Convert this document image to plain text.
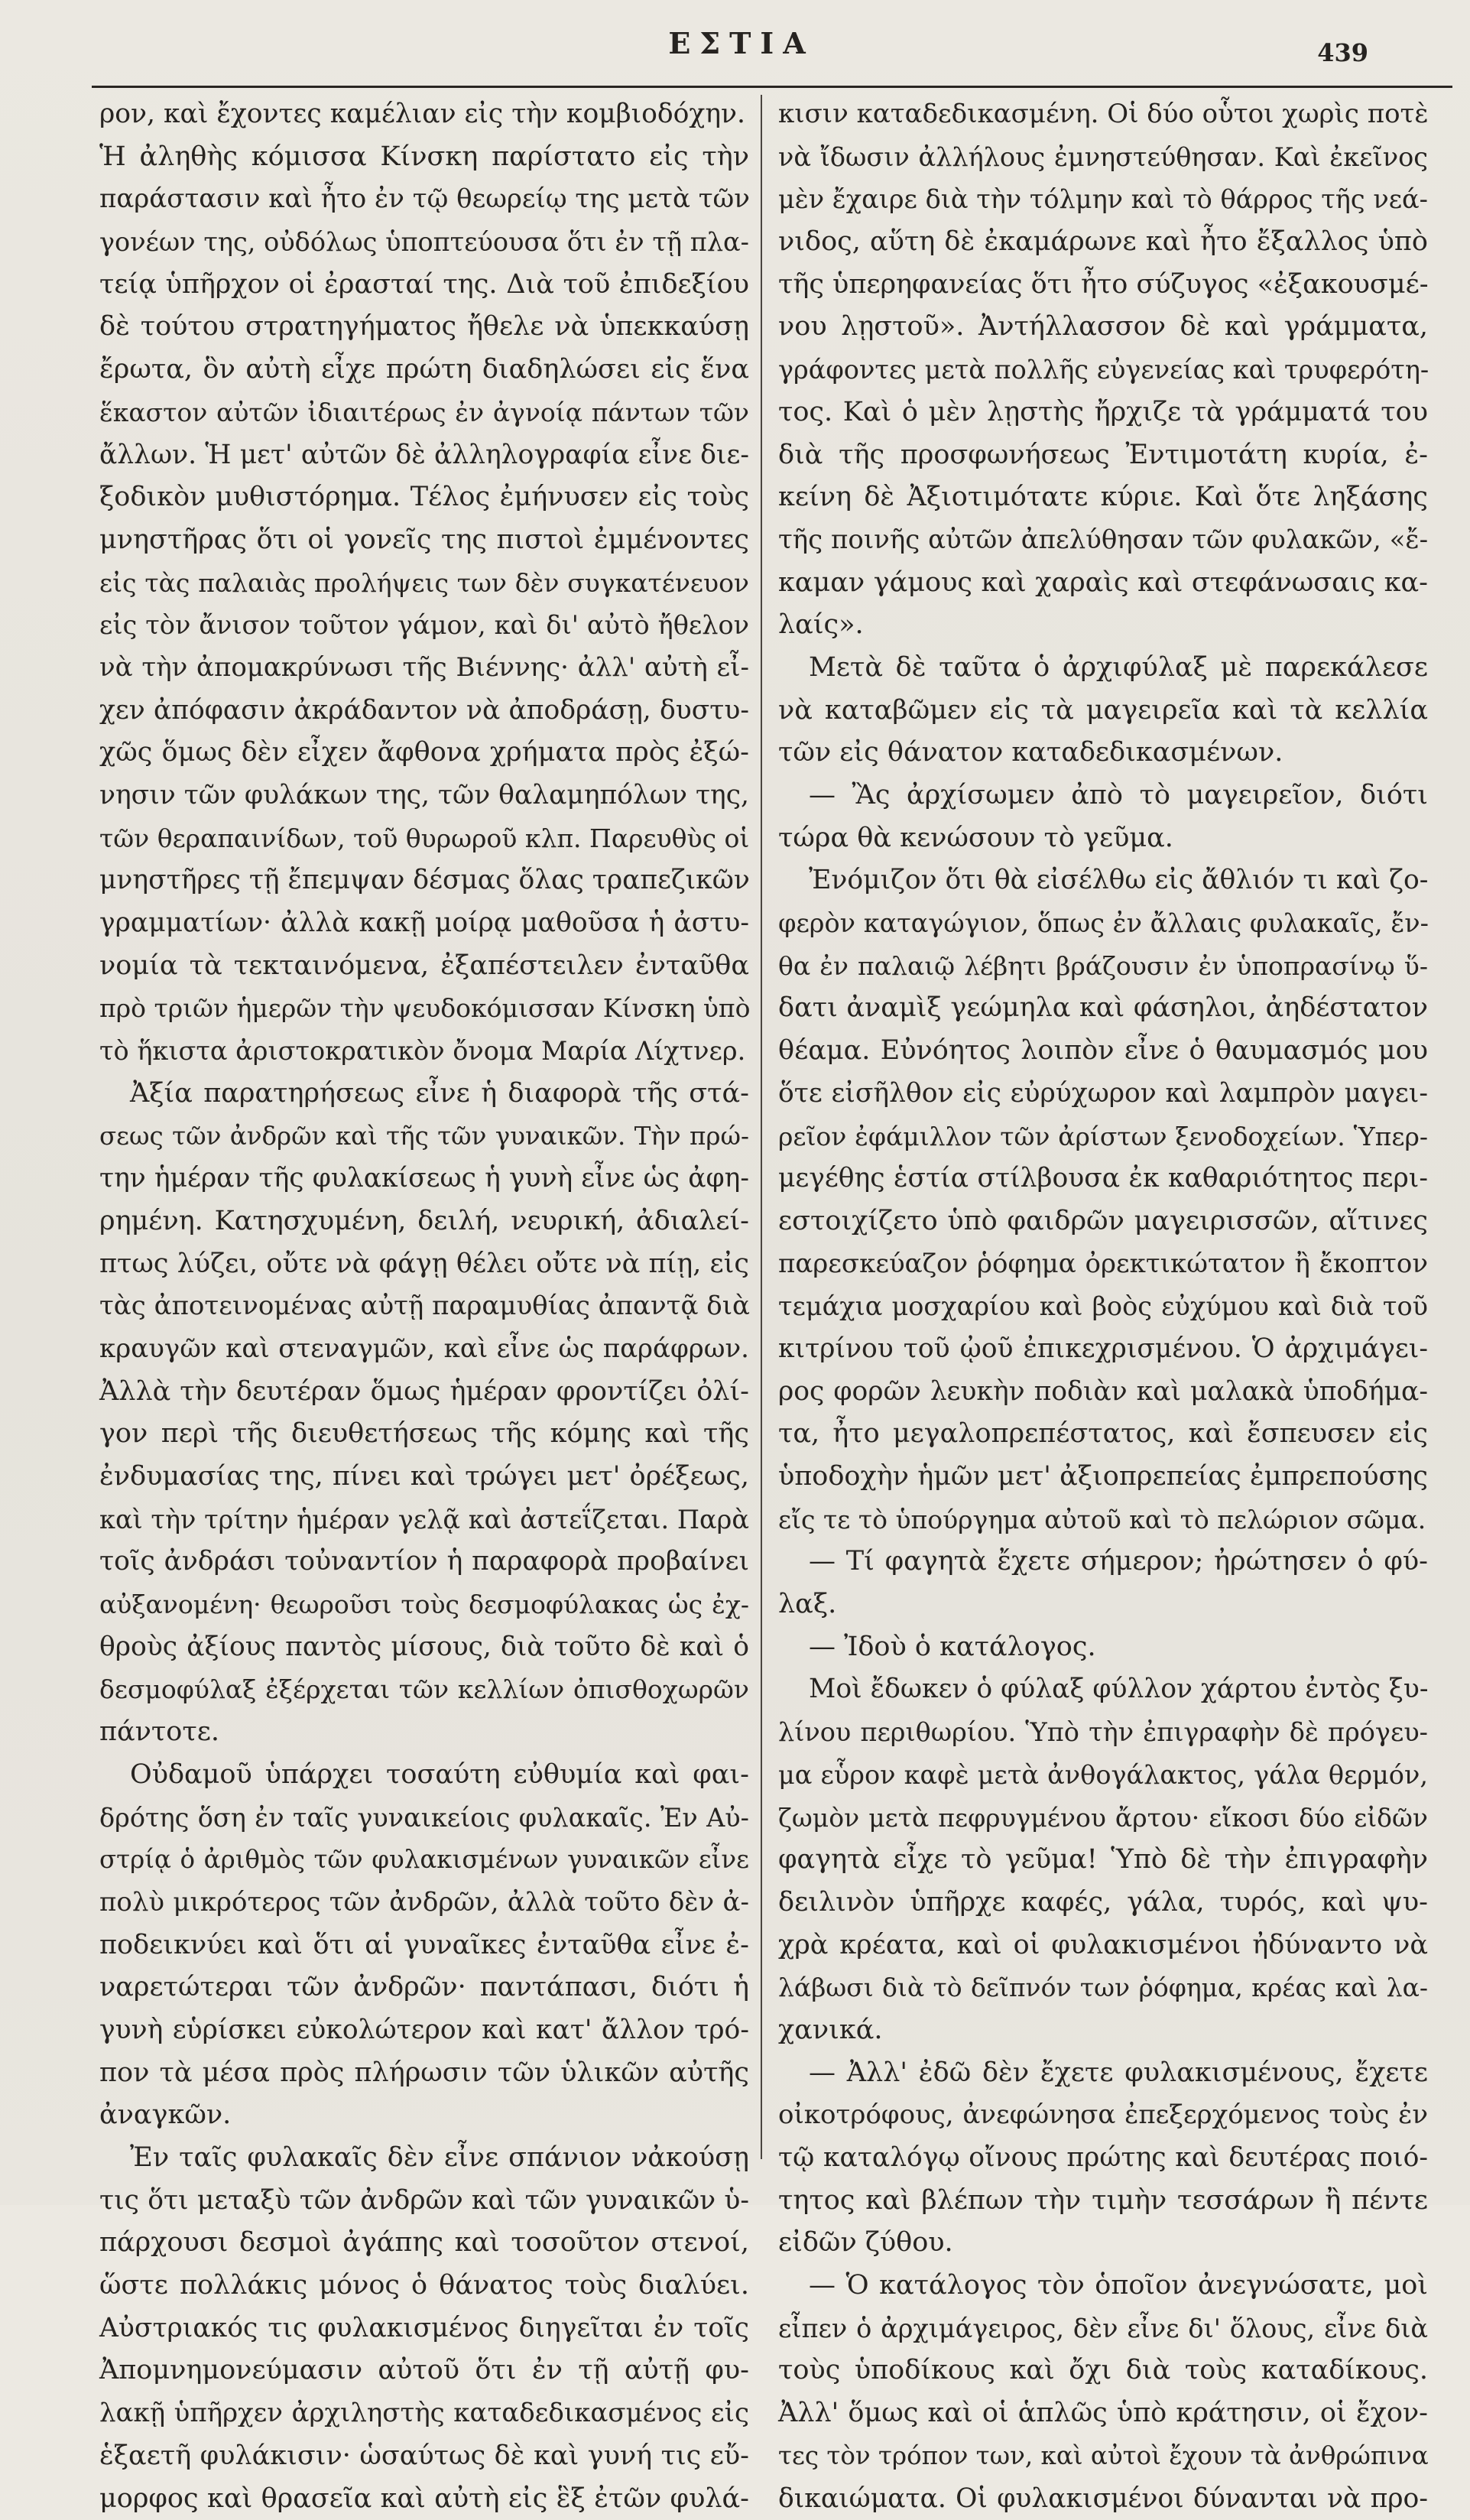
ΕΣΤΙΑ	439
ρον, καὶ ἔχοντες καμέλιαν εἰς τὴν κομβιοδόχην.
Ἡ ἀληθὴς κόμισσα Κίνσκη παρίστατο εἰς τὴν
παράστασιν καὶ ἦτο ἐν τῷ θεωρείῳ της μετὰ τῶν
γονέων της, οὐδόλως ὑποπτεύουσα ὅτι ἐν τῇ πλα-
τείᾳ ὑπῆρχον οἱ ἐρασταί της. Διὰ τοῦ ἐπιδεξίου
δὲ τούτου στρατηγήματος ἤθελε νὰ ὑπεκκαύσῃ
ἔρωτα, ὃν αὐτὴ εἶχε πρώτη διαδηλώσει εἰς ἕνα
ἕκαστον αὐτῶν ἰδιαιτέρως ἐν ἀγνοίᾳ πάντων τῶν
ἄλλων. Ἡ μετ' αὐτῶν δὲ ἀλληλογραφία εἶνε διε-
ξοδικὸν μυθιστόρημα. Τέλος ἐμήνυσεν εἰς τοὺς
μνηστῆρας ὅτι οἱ γονεῖς της πιστοὶ ἐμμένοντες
εἰς τὰς παλαιὰς προλήψεις των δὲν συγκατένευον
εἰς τὸν ἄνισον τοῦτον γάμον, καὶ δι' αὐτὸ ἤθελον
νὰ τὴν ἀπομακρύνωσι τῆς Βιέννης· ἀλλ' αὐτὴ εἶ-
χεν ἀπόφασιν ἀκράδαντον νὰ ἀποδράσῃ, δυστυ-
χῶς ὅμως δὲν εἶχεν ἄφθονα χρήματα πρὸς ἐξώ-
νησιν τῶν φυλάκων της, τῶν θαλαμηπόλων της,
τῶν θεραπαινίδων, τοῦ θυρωροῦ κλπ. Παρευθὺς οἱ
μνηστῆρες τῇ ἔπεμψαν δέσμας ὅλας τραπεζικῶν
γραμματίων· ἀλλὰ κακῇ μοίρᾳ μαθοῦσα ἡ ἀστυ-
νομία τὰ τεκταινόμενα, ἐξαπέστειλεν ἐνταῦθα
πρὸ τριῶν ἡμερῶν τὴν ψευδοκόμισσαν Κίνσκη ὑπὸ
τὸ ἥκιστα ἀριστοκρατικὸν ὄνομα Μαρία Λίχτνερ.
Ἀξία παρατηρήσεως εἶνε ἡ διαφορὰ τῆς στά-
σεως τῶν ἀνδρῶν καὶ τῆς τῶν γυναικῶν. Τὴν πρώ-
την ἡμέραν τῆς φυλακίσεως ἡ γυνὴ εἶνε ὡς ἀφη-
ρημένη. Κατησχυμένη, δειλή, νευρική, ἀδιαλεί-
πτως λύζει, οὔτε νὰ φάγῃ θέλει οὔτε νὰ πίῃ, εἰς
τὰς ἀποτεινομένας αὐτῇ παραμυθίας ἀπαντᾷ διὰ
κραυγῶν καὶ στεναγμῶν, καὶ εἶνε ὡς παράφρων.
Ἀλλὰ τὴν δευτέραν ὅμως ἡμέραν φροντίζει ὀλί-
γον περὶ τῆς διευθετήσεως τῆς κόμης καὶ τῆς
ἐνδυμασίας της, πίνει καὶ τρώγει μετ' ὀρέξεως,
καὶ τὴν τρίτην ἡμέραν γελᾷ καὶ ἀστεΐζεται. Παρὰ
τοῖς ἀνδράσι τοὐναντίον ἡ παραφορὰ προβαίνει
αὐξανομένη· θεωροῦσι τοὺς δεσμοφύλακας ὡς ἐχ-
θροὺς ἀξίους παντὸς μίσους, διὰ τοῦτο δὲ καὶ ὁ
δεσμοφύλαξ ἐξέρχεται τῶν κελλίων ὀπισθοχωρῶν
πάντοτε.
Οὐδαμοῦ ὑπάρχει τοσαύτη εὐθυμία καὶ φαι-
δρότης ὅση ἐν ταῖς γυναικείοις φυλακαῖς. Ἐν Αὐ-
στρίᾳ ὁ ἀριθμὸς τῶν φυλακισμένων γυναικῶν εἶνε
πολὺ μικρότερος τῶν ἀνδρῶν, ἀλλὰ τοῦτο δὲν ἀ-
ποδεικνύει καὶ ὅτι αἱ γυναῖκες ἐνταῦθα εἶνε ἐ-
ναρετώτεραι τῶν ἀνδρῶν· παντάπασι, διότι ἡ
γυνὴ εὑρίσκει εὐκολώτερον καὶ κατ' ἄλλον τρό-
πον τὰ μέσα πρὸς πλήρωσιν τῶν ὑλικῶν αὐτῆς
ἀναγκῶν.
Ἐν ταῖς φυλακαῖς δὲν εἶνε σπάνιον νἀκούσῃ
τις ὅτι μεταξὺ τῶν ἀνδρῶν καὶ τῶν γυναικῶν ὑ-
πάρχουσι δεσμοὶ ἀγάπης καὶ τοσοῦτον στενοί,
ὥστε πολλάκις μόνος ὁ θάνατος τοὺς διαλύει.
Αὐστριακός τις φυλακισμένος διηγεῖται ἐν τοῖς
Ἀπομνημονεύμασιν αὐτοῦ ὅτι ἐν τῇ αὐτῇ φυ-
λακῇ ὑπῆρχεν ἀρχιληστὴς καταδεδικασμένος εἰς
ἑξαετῆ φυλάκισιν· ὡσαύτως δὲ καὶ γυνή τις εὔ-
μορφος καὶ θρασεῖα καὶ αὐτὴ εἰς ἓξ ἐτῶν φυλά-
κισιν καταδεδικασμένη. Οἱ δύο οὗτοι χωρὶς ποτὲ
νὰ ἴδωσιν ἀλλήλους ἐμνηστεύθησαν. Καὶ ἐκεῖνος
μὲν ἔχαιρε διὰ τὴν τόλμην καὶ τὸ θάρρος τῆς νεά-
νιδος, αὕτη δὲ ἐκαμάρωνε καὶ ἦτο ἔξαλλος ὑπὸ
τῆς ὑπερηφανείας ὅτι ἦτο σύζυγος «ἐξακουσμέ-
νου λῃστοῦ». Ἀντήλλασσον δὲ καὶ γράμματα,
γράφοντες μετὰ πολλῆς εὐγενείας καὶ τρυφερότη-
τος. Καὶ ὁ μὲν λῃστὴς ἤρχιζε τὰ γράμματά του
διὰ τῆς προσφωνήσεως Ἐντιμοτάτη κυρία, ἐ-
κείνη δὲ Ἀξιοτιμότατε κύριε. Καὶ ὅτε ληξάσης
τῆς ποινῆς αὐτῶν ἀπελύθησαν τῶν φυλακῶν, «ἔ-
καμαν γάμους καὶ χαραὶς καὶ στεφάνωσαις κα-
λαίς».
Μετὰ δὲ ταῦτα ὁ ἀρχιφύλαξ μὲ παρεκάλεσε
νὰ καταβῶμεν εἰς τὰ μαγειρεῖα καὶ τὰ κελλία
τῶν εἰς θάνατον καταδεδικασμένων.
— Ἂς ἀρχίσωμεν ἀπὸ τὸ μαγειρεῖον, διότι
τώρα θὰ κενώσουν τὸ γεῦμα.
Ἐνόμιζον ὅτι θὰ εἰσέλθω εἰς ἄθλιόν τι καὶ ζο-
φερὸν καταγώγιον, ὅπως ἐν ἄλλαις φυλακαῖς, ἔν-
θα ἐν παλαιῷ λέβητι βράζουσιν ἐν ὑποπρασίνῳ ὕ-
δατι ἀναμὶξ γεώμηλα καὶ φάσηλοι, ἀηδέστατον
θέαμα. Εὐνόητος λοιπὸν εἶνε ὁ θαυμασμός μου
ὅτε εἰσῆλθον εἰς εὐρύχωρον καὶ λαμπρὸν μαγει-
ρεῖον ἐφάμιλλον τῶν ἀρίστων ξενοδοχείων. Ὑπερ-
μεγέθης ἑστία στίλβουσα ἐκ καθαριότητος περι-
εστοιχίζετο ὑπὸ φαιδρῶν μαγειρισσῶν, αἵτινες
παρεσκεύαζον ῥόφημα ὀρεκτικώτατον ἢ ἔκοπτον
τεμάχια μοσχαρίου καὶ βοὸς εὐχύμου καὶ διὰ τοῦ
κιτρίνου τοῦ ᾠοῦ ἐπικεχρισμένου. Ὁ ἀρχιμάγει-
ρος φορῶν λευκὴν ποδιὰν καὶ μαλακὰ ὑποδήμα-
τα, ἦτο μεγαλοπρεπέστατος, καὶ ἔσπευσεν εἰς
ὑποδοχὴν ἡμῶν μετ' ἀξιοπρεπείας ἐμπρεπούσης
εἴς τε τὸ ὑπούργημα αὐτοῦ καὶ τὸ πελώριον σῶμα.
— Τί φαγητὰ ἔχετε σήμερον; ἠρώτησεν ὁ φύ-
λαξ.
— Ἰδοὺ ὁ κατάλογος.
Μοὶ ἔδωκεν ὁ φύλαξ φύλλον χάρτου ἐντὸς ξυ-
λίνου περιθωρίου. Ὑπὸ τὴν ἐπιγραφὴν δὲ πρόγευ-
μα εὗρον καφὲ μετὰ ἀνθογάλακτος, γάλα θερμόν,
ζωμὸν μετὰ πεφρυγμένου ἄρτου· εἴκοσι δύο εἰδῶν
φαγητὰ εἶχε τὸ γεῦμα! Ὑπὸ δὲ τὴν ἐπιγραφὴν
δειλινὸν ὑπῆρχε καφές, γάλα, τυρός, καὶ ψυ-
χρὰ κρέατα, καὶ οἱ φυλακισμένοι ἠδύναντο νὰ
λάβωσι διὰ τὸ δεῖπνόν των ῥόφημα, κρέας καὶ λα-
χανικά.
— Ἀλλ' ἐδῶ δὲν ἔχετε φυλακισμένους, ἔχετε
οἰκοτρόφους, ἀνεφώνησα ἐπεξερχόμενος τοὺς ἐν
τῷ καταλόγῳ οἴνους πρώτης καὶ δευτέρας ποιό-
τητος καὶ βλέπων τὴν τιμὴν τεσσάρων ἢ πέντε
εἰδῶν ζύθου.
— Ὁ κατάλογος τὸν ὁποῖον ἀνεγνώσατε, μοὶ
εἶπεν ὁ ἀρχιμάγειρος, δὲν εἶνε δι' ὅλους, εἶνε διὰ
τοὺς ὑποδίκους καὶ ὄχι διὰ τοὺς καταδίκους.
Ἀλλ' ὅμως καὶ οἱ ἁπλῶς ὑπὸ κράτησιν, οἱ ἔχον-
τες τὸν τρόπον των, καὶ αὐτοὶ ἔχουν τὰ ἀνθρώπινα
δικαιώματα. Οἱ φυλακισμένοι δύνανται νὰ προ-
